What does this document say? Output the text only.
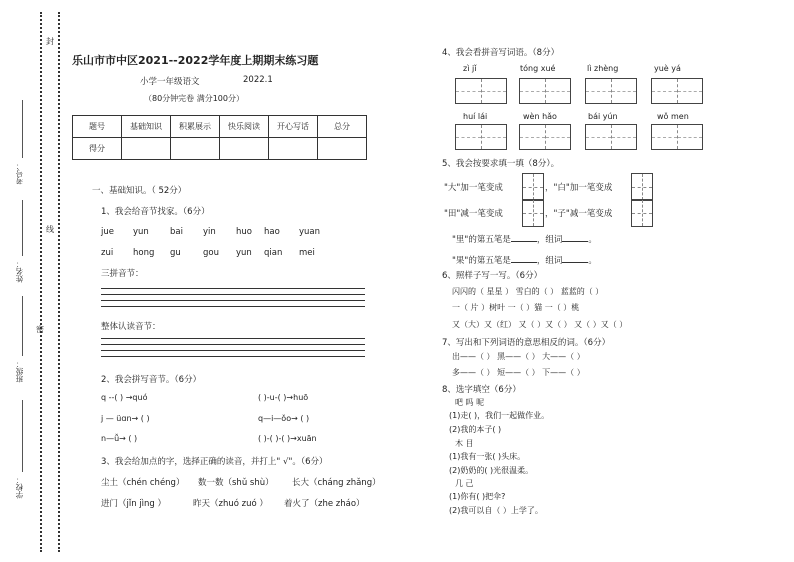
封
线
密
考号：
姓名：
班级：
学校：
乐山市市中区2021--2022学年度上期期末练习题
小学一年级语文	2022.1
（80分钟完卷 满分100分）
题号	基础知识	积累展示	快乐阅读	开心写话	总分
得分					
一、基础知识。（ 52分）
1、我会给音节找家。（6分）
jue yun bai yin huo hao yuan
zui hong gu	gou yun qian mei
三拼音节：
整体认读音节：
2、我会拼写音节。（6分）
q --( ) →quó	( )-u-( )→huō
j — üɑn→ ( )	q—i—ǒo→ ( )
n—ǚ→ ( )	( )-( )-( )→xuān
3、我会给加点的字，选择正确的读音，并打上" √"。（6分）
尘土（chén chéng） 数一数（shǔ shù） 长大（cháng zhǎng）
进门（jǐn jìng ）	昨天（zhuó zuó ） 着火了（zhe zháo）
4、我会看拼音写词语。（8分）
zì jǐ	tóng xué	lì zhèng	yuè yá
huí lái	wèn hǎo	bái yún	wǒ men
5、我会按要求填一填（8分）。
"大"加一笔变成	，"白"加一笔变成
"田"减一笔变成	，"子"减一笔变成
"里"的第五笔是	，组词	。
"果"的第五笔是	，组词	。
6、照样子写一写。（6分）
闪闪的（ 星星 ） 雪白的（ ） 蓝蓝的（ ）
一（ 片 ）树叶 一（ ）猫 一（ ）桃
又（大）又（红） 又（ ）又（ ） 又（ ）又（ ）
7、写出和下列词语的意思相反的词。（6分）
出——（ ） 黑——（ ） 大——（ ）
多——（ ） 短——（ ） 下——（ ）
8、选字填空（6分）
吧 吗 呢
(1)走( )，我们一起做作业。
(2)我的本子( )
木 目
(1)我有一张( )头床。
(2)奶奶的( )光很温柔。
几 己
(1)你有( )把伞?
(2)我可以自（ ）上学了。
